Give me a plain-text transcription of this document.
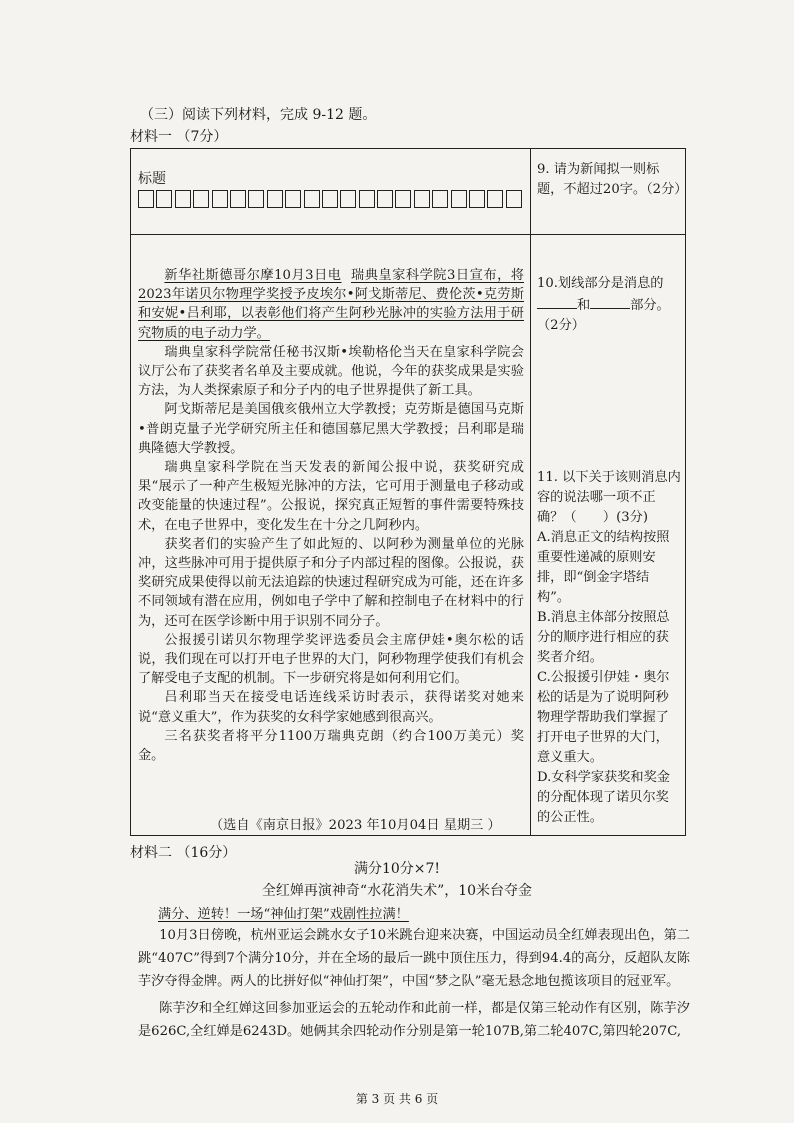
（三）阅读下列材料，完成 9-12 题。
材料一 （7分）
标题

新华社斯德哥尔摩10月3日电 瑞典皇家科学院3日宣布，将2023年诺贝尔物理学奖授予皮埃尔•阿戈斯蒂尼、费伦茨•克劳斯和安妮•吕利耶，以表彰他们将产生阿秒光脉冲的实验方法用于研究物质的电子动力学。

瑞典皇家科学院常任秘书汉斯•埃勒格伦当天在皇家科学院会议厅公布了获奖者名单及主要成就。他说，今年的获奖成果是实验方法，为人类探索原子和分子内的电子世界提供了新工具。

阿戈斯蒂尼是美国俄亥俄州立大学教授；克劳斯是德国马克斯•普朗克量子光学研究所主任和德国慕尼黑大学教授；吕利耶是瑞典隆德大学教授。

瑞典皇家科学院在当天发表的新闻公报中说，获奖研究成果“展示了一种产生极短光脉冲的方法，它可用于测量电子移动或改变能量的快速过程”。公报说，探究真正短暂的事件需要特殊技术，在电子世界中，变化发生在十分之几阿秒内。

获奖者们的实验产生了如此短的、以阿秒为测量单位的光脉冲，这些脉冲可用于提供原子和分子内部过程的图像。公报说，获奖研究成果使得以前无法追踪的快速过程研究成为可能，还在许多不同领域有潜在应用，例如电子学中了解和控制电子在材料中的行为，还可在医学诊断中用于识别不同分子。

公报援引诺贝尔物理学奖评选委员会主席伊娃•奥尔松的话说，我们现在可以打开电子世界的大门，阿秒物理学使我们有机会了解受电子支配的机制。下一步研究将是如何利用它们。

吕利耶当天在接受电话连线采访时表示，获得诺奖对她来说“意义重大”，作为获奖的女科学家她感到很高兴。

三名获奖者将平分1100万瑞典克朗（约合100万美元）奖金。

（选自《南京日报》2023 年10月04日 星期三 ）

9. 请为新闻拟一则标题，不超过20字。（2分）

10.划线部分是消息的
和	部分。（2分）

11. 以下关于该则消息内容的说法哪一项不正确？（　　）(3分)

A.消息正文的结构按照重要性递减的原则安排，即“倒金字塔结构”。

B.消息主体部分按照总分的顺序进行相应的获奖者介绍。

C.公报援引伊娃・奥尔松的话是为了说明阿秒物理学帮助我们掌握了打开电子世界的大门，意义重大。

D.女科学家获奖和奖金的分配体现了诺贝尔奖的公正性。

材料二 （16分）
满分10分×7!
全红婵再演神奇“水花消失术”，10米台夺金
满分、逆转！一场“神仙打架”戏剧性拉满！

10月3日傍晚，杭州亚运会跳水女子10米跳台迎来决赛，中国运动员全红婵表现出色，第二跳“407C”得到7个满分10分，并在全场的最后一跳中顶住压力，得到94.4的高分，反超队友陈芋汐夺得金牌。两人的比拼好似“神仙打架”，中国“梦之队”毫无悬念地包揽该项目的冠亚军。

陈芋汐和全红婵这回参加亚运会的五轮动作和此前一样，都是仅第三轮动作有区别，陈芋汐是626C,全红婵是6243D。她俩其余四轮动作分别是第一轮107B,第二轮407C,第四轮207C,

第 3 页 共 6 页
